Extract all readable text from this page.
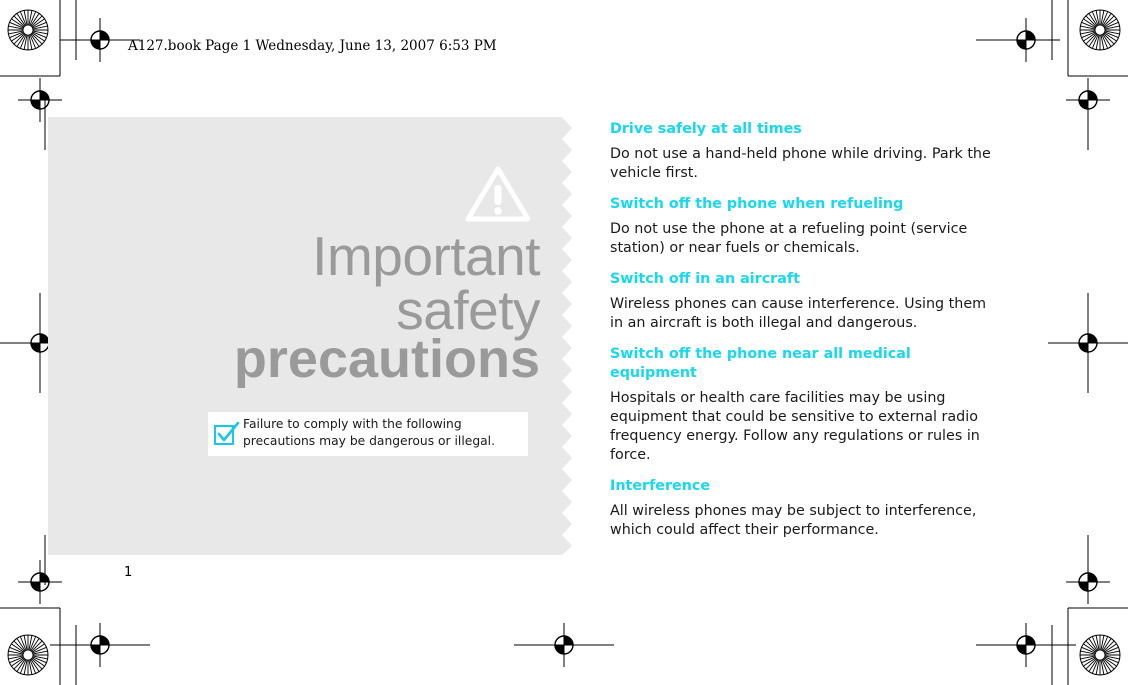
A127.book Page 1 Wednesday, June 13, 2007 6:53 PM
Important
safety
precautions
Failure to comply with the following
precautions may be dangerous or illegal.
1
Drive safely at all times
Do not use a hand-held phone while driving. Park the vehicle first.
Switch off the phone when refueling
Do not use the phone at a refueling point (service station) or near fuels or chemicals.
Switch off in an aircraft
Wireless phones can cause interference. Using them in an aircraft is both illegal and dangerous.
Switch off the phone near all medical equipment
Hospitals or health care facilities may be using equipment that could be sensitive to external radio frequency energy. Follow any regulations or rules in force.
Interference
All wireless phones may be subject to interference, which could affect their performance.
